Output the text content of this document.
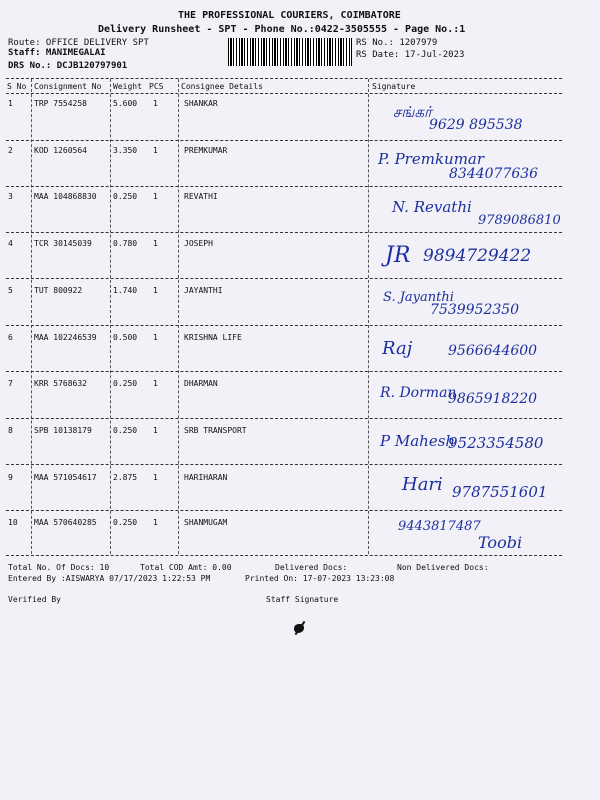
THE PROFESSIONAL COURIERS, COIMBATORE
Delivery Runsheet - SPT - Phone No.:0422-3505555 - Page No.:1
Route: OFFICE DELIVERY SPT
Staff: MANIMEGALAI
DRS No.: DCJB120797901
RS No.: 1207979
RS Date: 17-Jul-2023
S No Consignment No Weight PCS Consignee Details	Signature
1	TRP 7554258	5.600 1	SHANKAR	சங்கர்
9629 895538
2	KOD 1260564	3.350 1	PREMKUMAR	P. Premkumar
8344077636
3	MAA 104868830 0.250 1	REVATHI
N. Revathi
9789086810
4	TCR 30145039	0.780 1	JOSEPH	JR 9894729422
5	TUT 800922	1.740 1	JAYANTHI	S. Jayanthi
7539952350
6	MAA 102246539 0.500 1	KRISHNA LIFE
Raj	9566644600
7	KRR 5768632	0.250 1	DHARMAN
R. Dorman
9865918220
8	SPB 10138179	0.250 1	SRB TRANSPORT
P Mahesh
9523354580
9	MAA 571054617 2.875 1	HARIHARAN	Hari 9787551601
10 MAA 570640285 0.250 1	SHANMUGAM	9443817487
Toobi
Total No. Of Docs: 10	Total COD Amt: 0.00	Delivered Docs:	Non Delivered Docs:
Entered By :AISWARYA 07/17/2023 1:22:53 PM	Printed On: 17-07-2023 13:23:08
Verified By	Staff Signature
